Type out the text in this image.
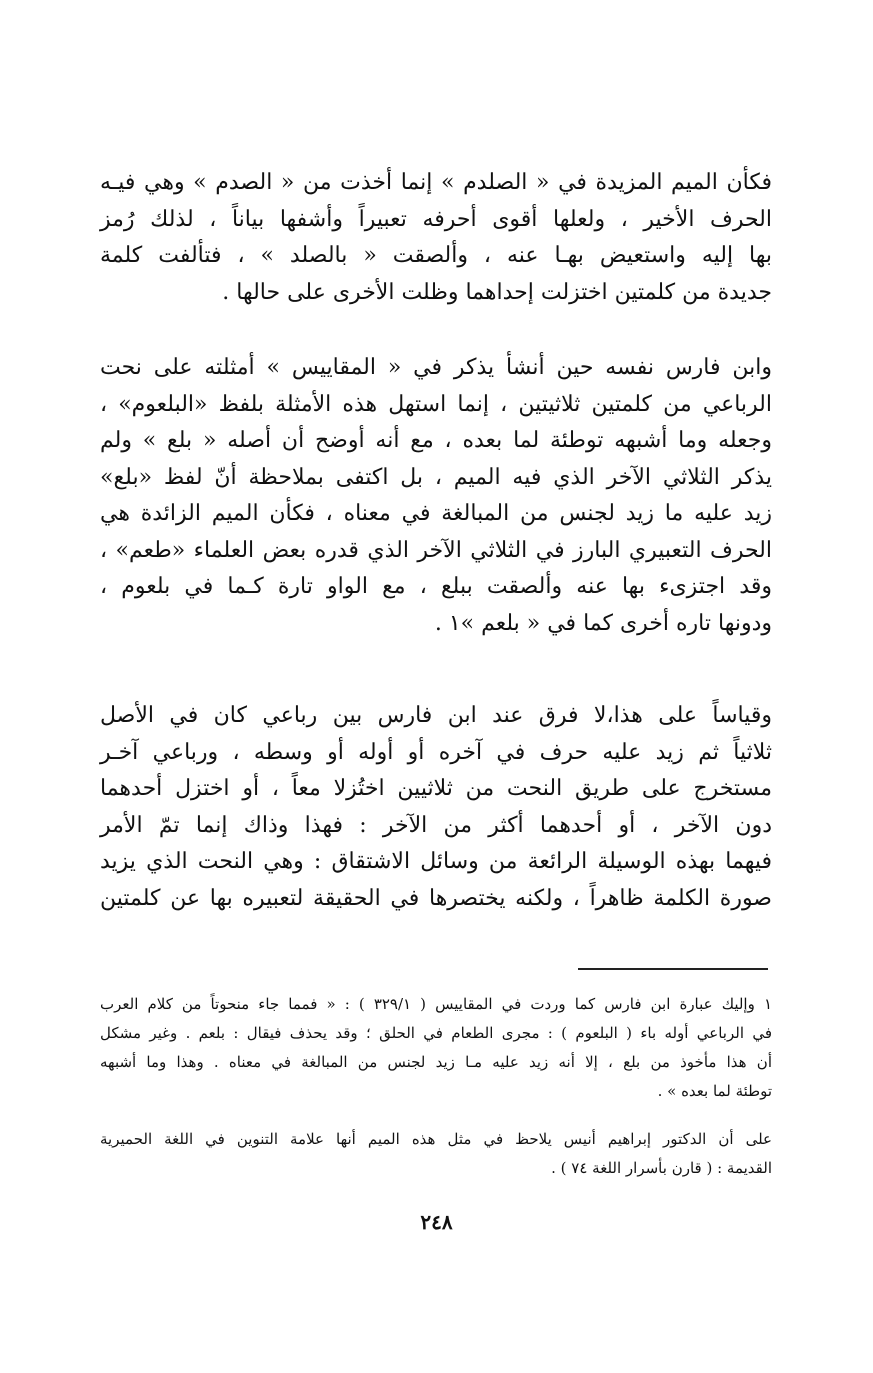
فكأن الميم المزيدة في « الصلدم » إنما أخذت من « الصدم » وهي فيـه
الحرف الأخير ، ولعلها أقوى أحرفه تعبيراً وأشفها بياناً ، لذلك رُمز
بها إليه واستعيض بهـا عنه ، وألصقت « بالصلد » ، فتألفت كلمة
جديدة من كلمتين اختزلت إحداهما وظلت الأخرى على حالها .
وابن فارس نفسه حين أنشأ يذكر في « المقاييس » أمثلته على نحت
الرباعي من كلمتين ثلاثيتين ، إنما استهل هذه الأمثلة بلفظ «البلعوم» ،
وجعله وما أشبهه توطئة لما بعده ، مع أنه أوضح أن أصله « بلع » ولم
يذكر الثلاثي الآخر الذي فيه الميم ، بل اكتفى بملاحظة أنّ لفظ «بلع»
زيد عليه ما زيد لجنس من المبالغة في معناه ، فكأن الميم الزائدة هي
الحرف التعبيري البارز في الثلاثي الآخر الذي قدره بعض العلماء «طعم» ،
وقد اجتزىء بها عنه وألصقت ببلع ، مع الواو تارة كـما في بلعوم ،
ودونها تاره أخرى كما في « بلعم »١ .
وقياساً على هذا،لا فرق عند ابن فارس بين رباعي كان في الأصل
ثلاثياً ثم زيد عليه حرف في آخره أو أوله أو وسطه ، ورباعي آخـر
مستخرج على طريق النحت من ثلاثيين اختُزلا معاً ، أو اختزل أحدهما
دون الآخر ، أو أحدهما أكثر من الآخر : فهذا وذاك إنما تمّ الأمر
فيهما بهذه الوسيلة الرائعة من وسائل الاشتقاق : وهي النحت الذي يزيد
صورة الكلمة ظاهراً ، ولكنه يختصرها في الحقيقة لتعبيره بها عن كلمتين
١ وإليك عبارة ابن فارس كما وردت في المقاييس ( ٣٢٩/١ ) : « فمما جاء منحوتاً من كلام العرب
في الرباعي أوله باء ( البلعوم ) : مجرى الطعام في الحلق ؛ وقد يحذف فيقال : بلعم . وغير مشكل
أن هذا مأخوذ من بلع ، إلا أنه زيد عليه مـا زيد لجنس من المبالغة في معناه . وهذا وما أشبهه
توطئة لما بعده » .
على أن الدكتور إبراهيم أنيس يلاحظ في مثل هذه الميم أنها علامة التنوين في اللغة الحميرية
القديمة : ( قارن بأسرار اللغة ٧٤ ) .
٢٤٨
